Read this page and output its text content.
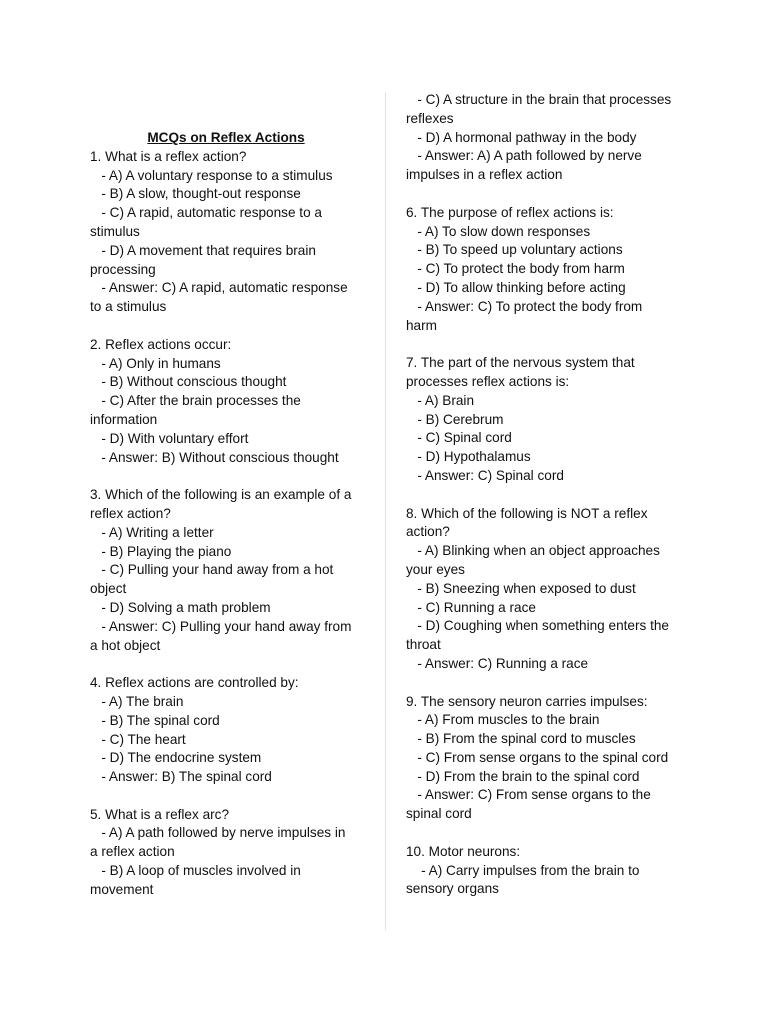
MCQs on Reflex Actions
1. What is a reflex action?
- A) A voluntary response to a stimulus
- B) A slow, thought-out response
- C) A rapid, automatic response to a
stimulus
- D) A movement that requires brain
processing
- Answer: C) A rapid, automatic response
to a stimulus
2. Reflex actions occur:
- A) Only in humans
- B) Without conscious thought
- C) After the brain processes the
information
- D) With voluntary effort
- Answer: B) Without conscious thought
3. Which of the following is an example of a
reflex action?
- A) Writing a letter
- B) Playing the piano
- C) Pulling your hand away from a hot
object
- D) Solving a math problem
- Answer: C) Pulling your hand away from
a hot object
4. Reflex actions are controlled by:
- A) The brain
- B) The spinal cord
- C) The heart
- D) The endocrine system
- Answer: B) The spinal cord
5. What is a reflex arc?
- A) A path followed by nerve impulses in
a reflex action
- B) A loop of muscles involved in
movement
- C) A structure in the brain that processes
reflexes
- D) A hormonal pathway in the body
- Answer: A) A path followed by nerve
impulses in a reflex action
6. The purpose of reflex actions is:
- A) To slow down responses
- B) To speed up voluntary actions
- C) To protect the body from harm
- D) To allow thinking before acting
- Answer: C) To protect the body from
harm
7. The part of the nervous system that
processes reflex actions is:
- A) Brain
- B) Cerebrum
- C) Spinal cord
- D) Hypothalamus
- Answer: C) Spinal cord
8. Which of the following is NOT a reflex
action?
- A) Blinking when an object approaches
your eyes
- B) Sneezing when exposed to dust
- C) Running a race
- D) Coughing when something enters the
throat
- Answer: C) Running a race
9. The sensory neuron carries impulses:
- A) From muscles to the brain
- B) From the spinal cord to muscles
- C) From sense organs to the spinal cord
- D) From the brain to the spinal cord
- Answer: C) From sense organs to the
spinal cord
10. Motor neurons:
- A) Carry impulses from the brain to
sensory organs
